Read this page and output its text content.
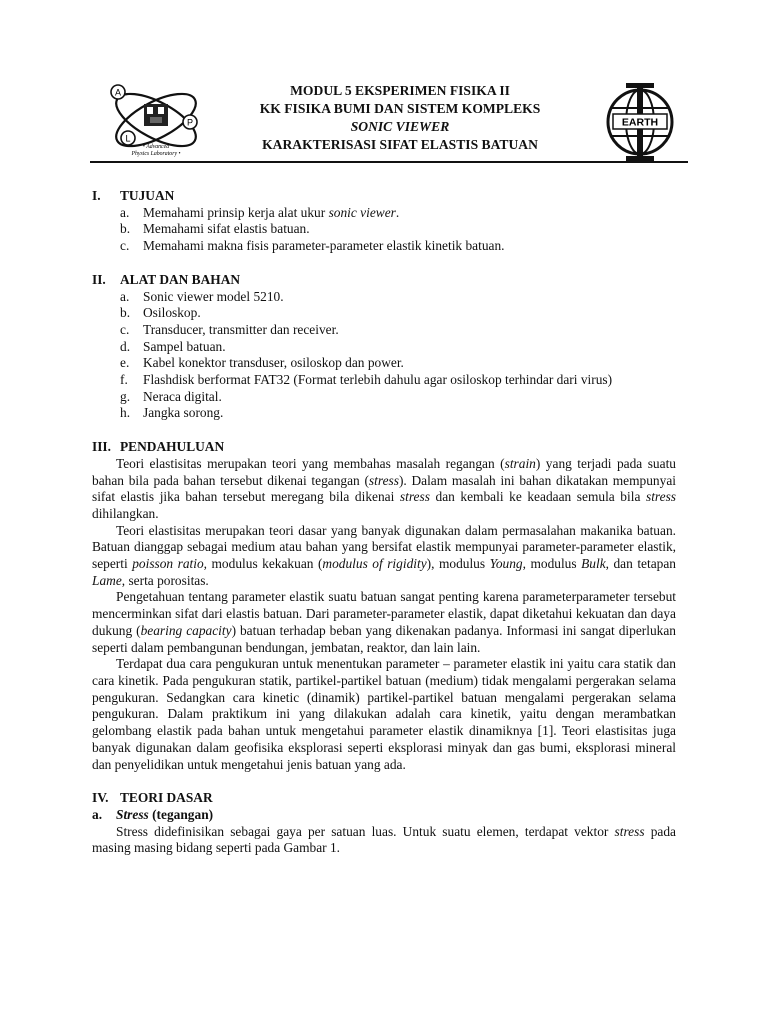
A
P
L
• Advanced
Physics Laboratory •
MODUL 5 EKSPERIMEN FISIKA II
KK FISIKA BUMI DAN SISTEM KOMPLEKS
SONIC VIEWER
KARAKTERISASI SIFAT ELASTIS BATUAN
EARTH
I.	TUJUAN
a.	Memahami prinsip kerja alat ukur sonic viewer.
b. Memahami sifat elastis batuan.
c.	Memahami makna fisis parameter-parameter elastik kinetik batuan.
II.	ALAT DAN BAHAN
a.	Sonic viewer model 5210.
b. Osiloskop.
c.	Transducer, transmitter dan receiver.
d. Sampel batuan.
e.	Kabel konektor transduser, osiloskop dan power.
f.	Flashdisk berformat FAT32 (Format terlebih dahulu agar osiloskop terhindar dari virus)
g. Neraca digital.
h. Jangka sorong.
III. PENDAHULUAN

Teori elastisitas merupakan teori yang membahas masalah regangan (strain) yang terjadi pada suatu bahan bila pada bahan tersebut dikenai tegangan (stress). Dalam masalah ini bahan dikatakan mempunyai sifat elastis jika bahan tersebut meregang bila dikenai stress dan kembali ke keadaan semula bila stress dihilangkan.

Teori elastisitas merupakan teori dasar yang banyak digunakan dalam permasalahan makanika batuan. Batuan dianggap sebagai medium atau bahan yang bersifat elastik mempunyai parameter-parameter elastik, seperti poisson ratio, modulus kekakuan (modulus of rigidity), modulus Young, modulus Bulk, dan tetapan Lame, serta porositas.

Pengetahuan tentang parameter elastik suatu batuan sangat penting karena parameterparameter tersebut mencerminkan sifat dari elastis batuan. Dari parameter-parameter elastik, dapat diketahui kekuatan dan daya dukung (bearing capacity) batuan terhadap beban yang dikenakan padanya. Informasi ini sangat diperlukan seperti dalam pembangunan bendungan, jembatan, reaktor, dan lain lain.

Terdapat dua cara pengukuran untuk menentukan parameter – parameter elastik ini yaitu cara statik dan cara kinetik. Pada pengukuran statik, partikel-partikel batuan (medium) tidak mengalami pergerakan selama pengukuran. Sedangkan cara kinetic (dinamik) partikel-partikel batuan mengalami pergerakan selama pengukuran. Dalam praktikum ini yang dilakukan adalah cara kinetik, yaitu dengan merambatkan gelombang elastik pada bahan untuk mengetahui parameter elastik dinamiknya [1]. Teori elastisitas juga banyak digunakan dalam geofisika eksplorasi seperti eksplorasi minyak dan gas bumi, eksplorasi mineral dan penyelidikan untuk mengetahui jenis batuan yang ada.

IV. TEORI DASAR
a.	Stress (tegangan)

Stress didefinisikan sebagai gaya per satuan luas. Untuk suatu elemen, terdapat vektor stress pada masing masing bidang seperti pada Gambar 1.
